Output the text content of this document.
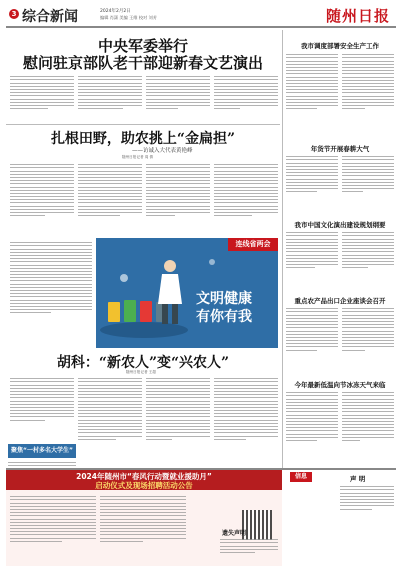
3 综合新闻	2024年2月2日
编辑 肖潇 美编 王维 校对 刘芳	随州日报
中央军委举行
慰问驻京部队老干部迎新春文艺演出
扎根田野，助农挑上“金扁担”
——访诚入大代表黄艳峰
随州日报记者 周 倩
连线省两会
文明健康
有你有我
胡科：“新农人”变“兴农人”
随州日报记者 王超
聚焦“一村多名大学生”
我市调度部署安全生产工作
年货节开展春耕大气
我市中国文化演出建设规划纲要
重点农产品出口企业座谈会召开
今年最新低温向节冰冻天气来临
2024年随州市“春风行动暨就业援助月”
启动仪式及现场招聘活动公告
信息	声 明
遗失声明
